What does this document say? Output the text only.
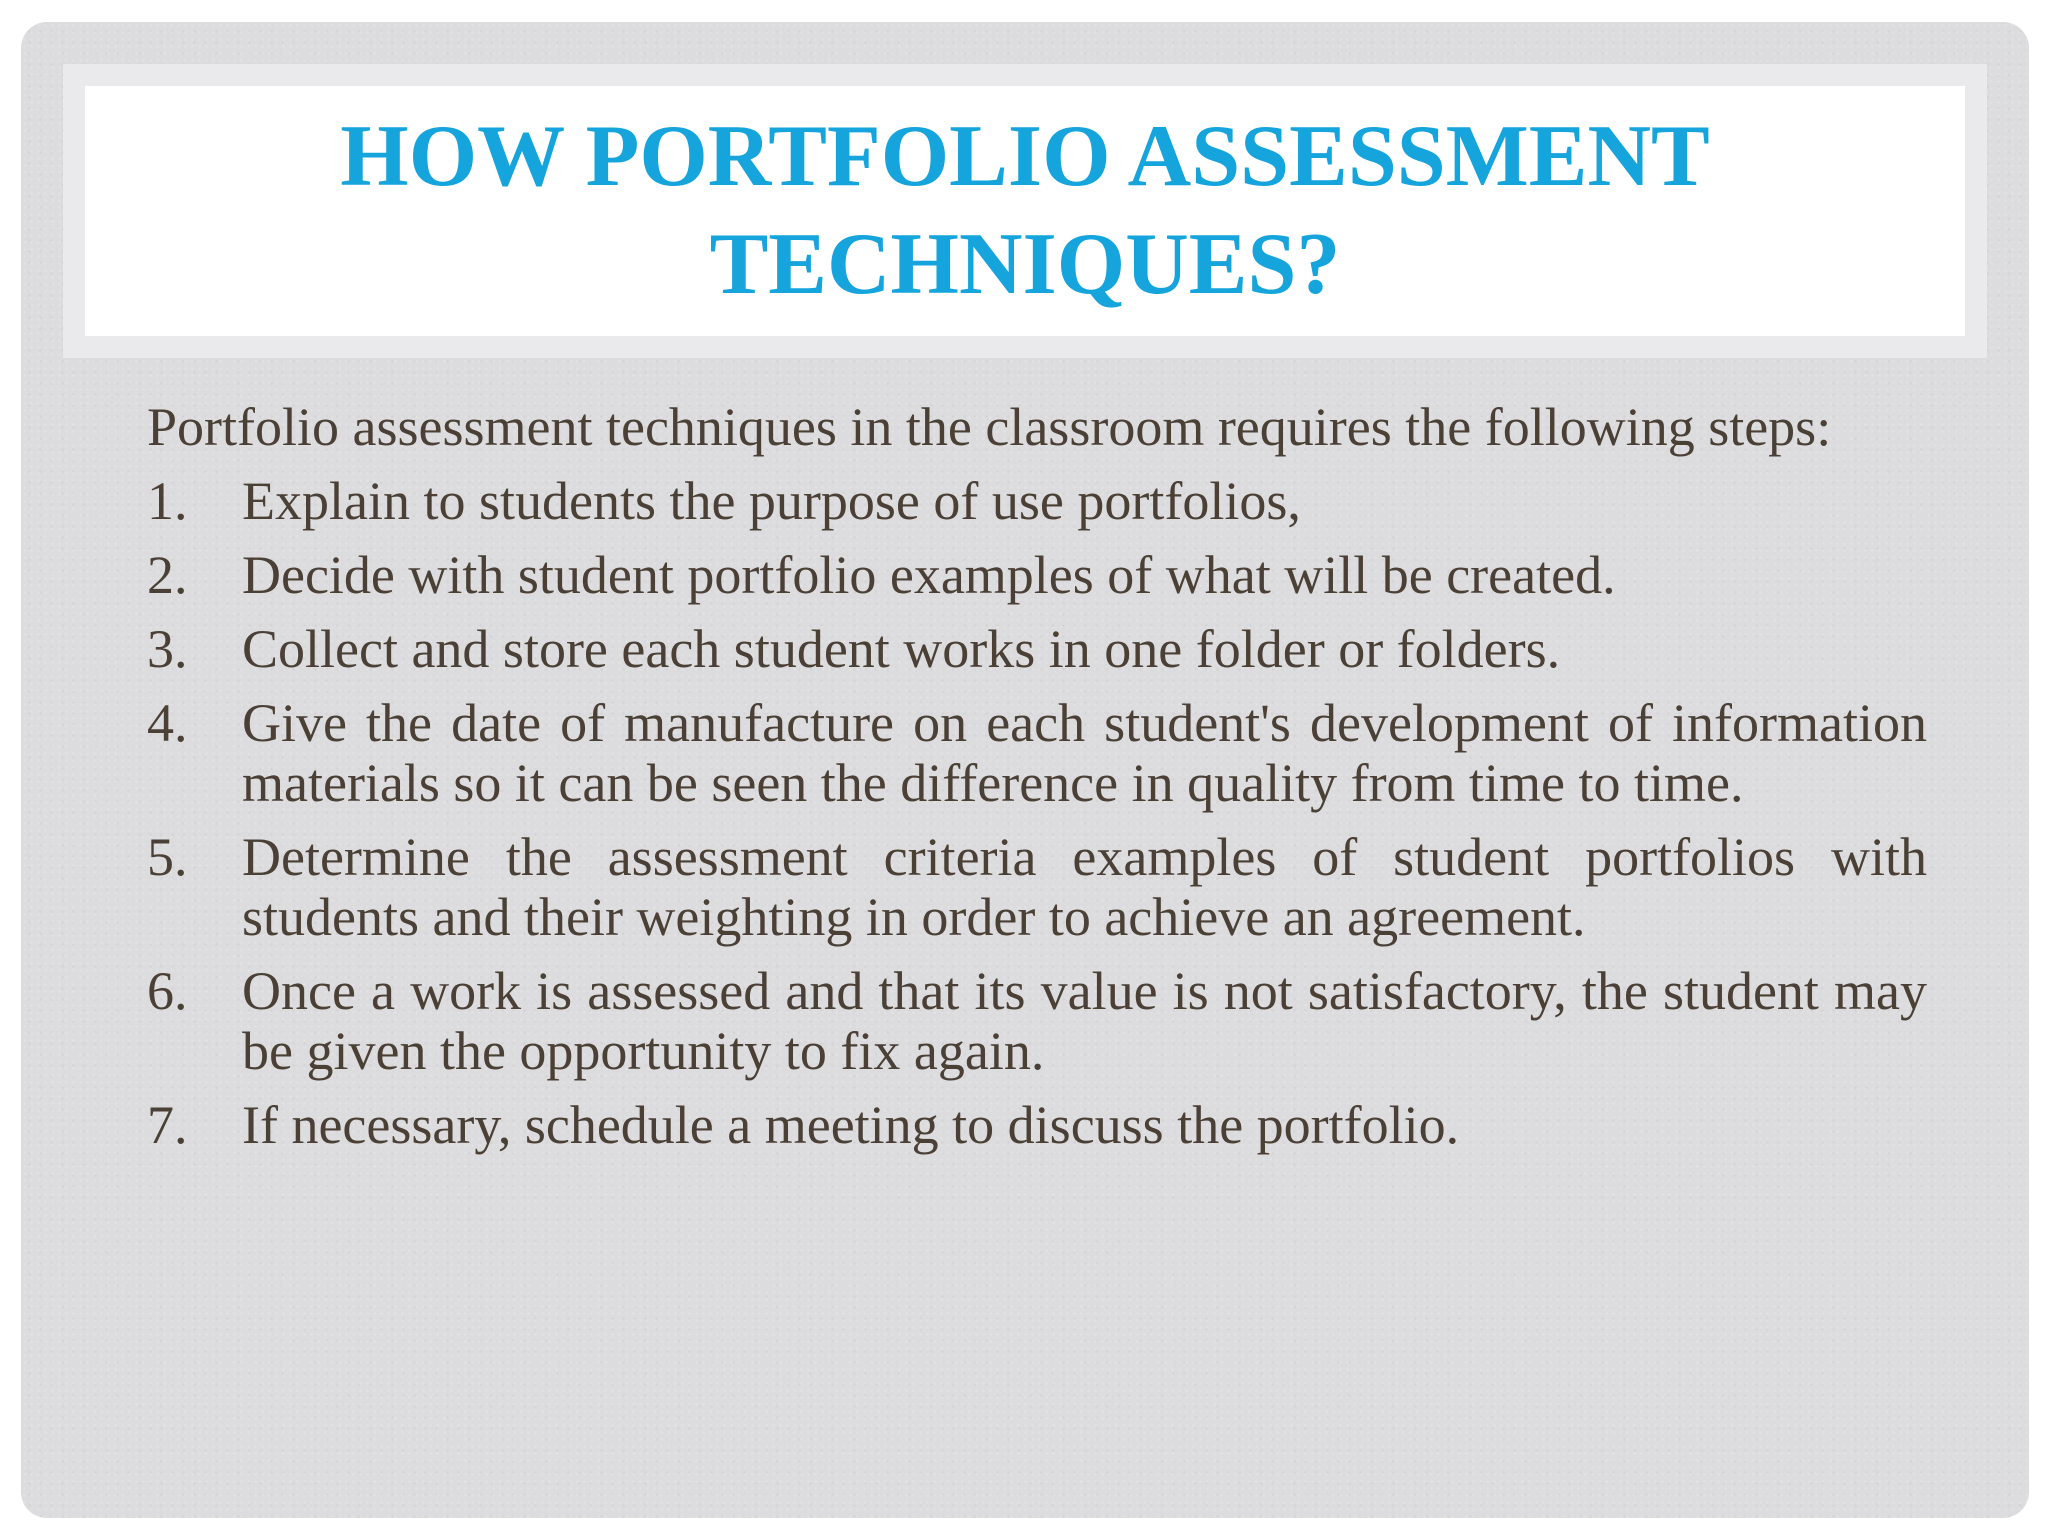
HOW PORTFOLIO ASSESSMENT TECHNIQUES?

Portfolio assessment techniques in the classroom requires the following steps:

1.	Explain to students the purpose of use portfolios,
2.	Decide with student portfolio examples of what will be created.
3.	Collect and store each student works in one folder or folders.
4.	Give the date of manufacture on each student's development of information materials so it can be seen the difference in quality from time to time.
5.	Determine the assessment criteria examples of student portfolios with students and their weighting in order to achieve an agreement.
6.	Once a work is assessed and that its value is not satisfactory, the student may be given the opportunity to fix again.
7.	If necessary, schedule a meeting to discuss the portfolio.
